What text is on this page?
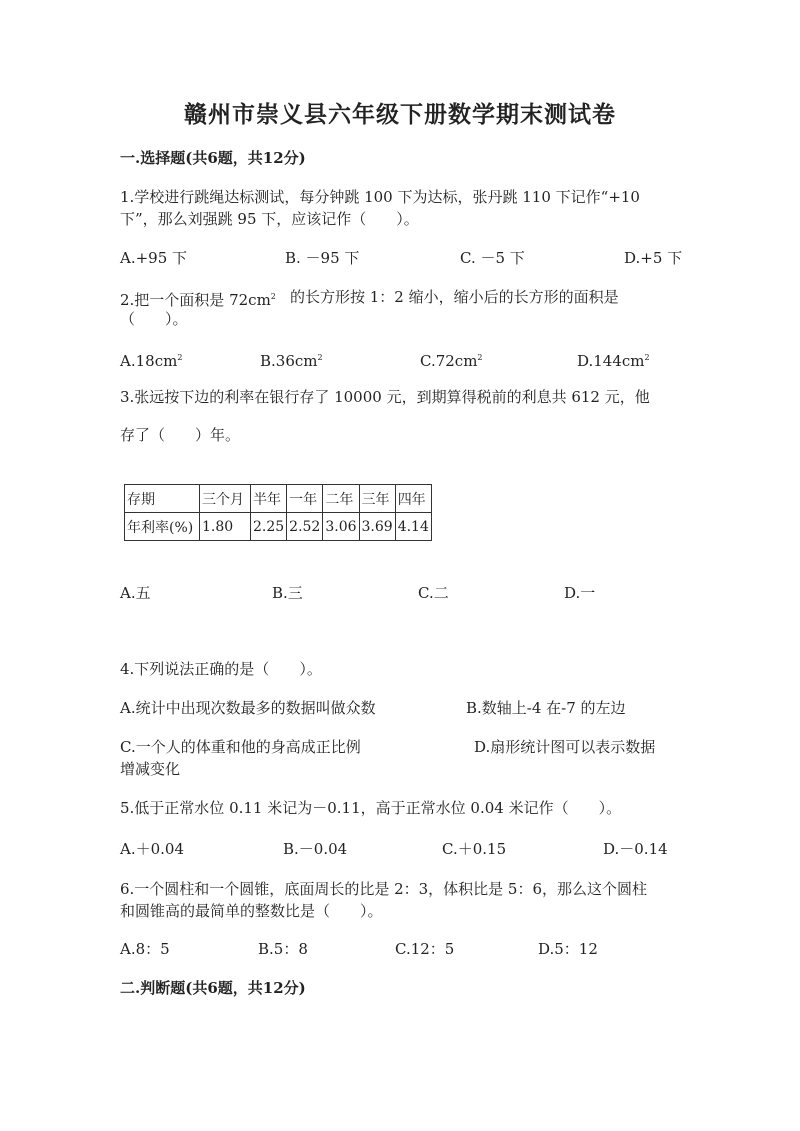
赣州市崇义县六年级下册数学期末测试卷
一.选择题(共6题，共12分)
1.学校进行跳绳达标测试，每分钟跳 100 下为达标，张丹跳 110 下记作“+10
下”，那么刘强跳 95 下，应该记作（　　）。
A.+95 下	B. －95 下	C. －5 下	D.+5 下
2.把一个面积是 $72cm^2$ 的长方形按 1：2 缩小，缩小后的长方形的面积是
（　　）。
$A.18cm^2$	$B.36cm^2$	$C.72cm^2$	$D.144cm^2$
3.张远按下边的利率在银行存了 10000 元，到期算得税前的利息共 612 元，他
存了（　　）年。
存期	三个月	半年	一年	二年	三年	四年
年利率(%)	1.80	2.25	2.52	3.06	3.69	4.14
A.五	B.三	C.二	D.一
4.下列说法正确的是（　　）。
A.统计中出现次数最多的数据叫做众数	B.数轴上-4 在-7 的左边
C.一个人的体重和他的身高成正比例	D.扇形统计图可以表示数据
增减变化
5.低于正常水位 0.11 米记为－0.11，高于正常水位 0.04 米记作（　　）。
A.＋0.04	B.－0.04	C.＋0.15	D.－0.14
6.一个圆柱和一个圆锥，底面周长的比是 2：3，体积比是 5：6，那么这个圆柱
和圆锥高的最简单的整数比是（　　）。
A.8：5	B.5：8	C.12：5	D.5：12
二.判断题(共6题，共12分)
